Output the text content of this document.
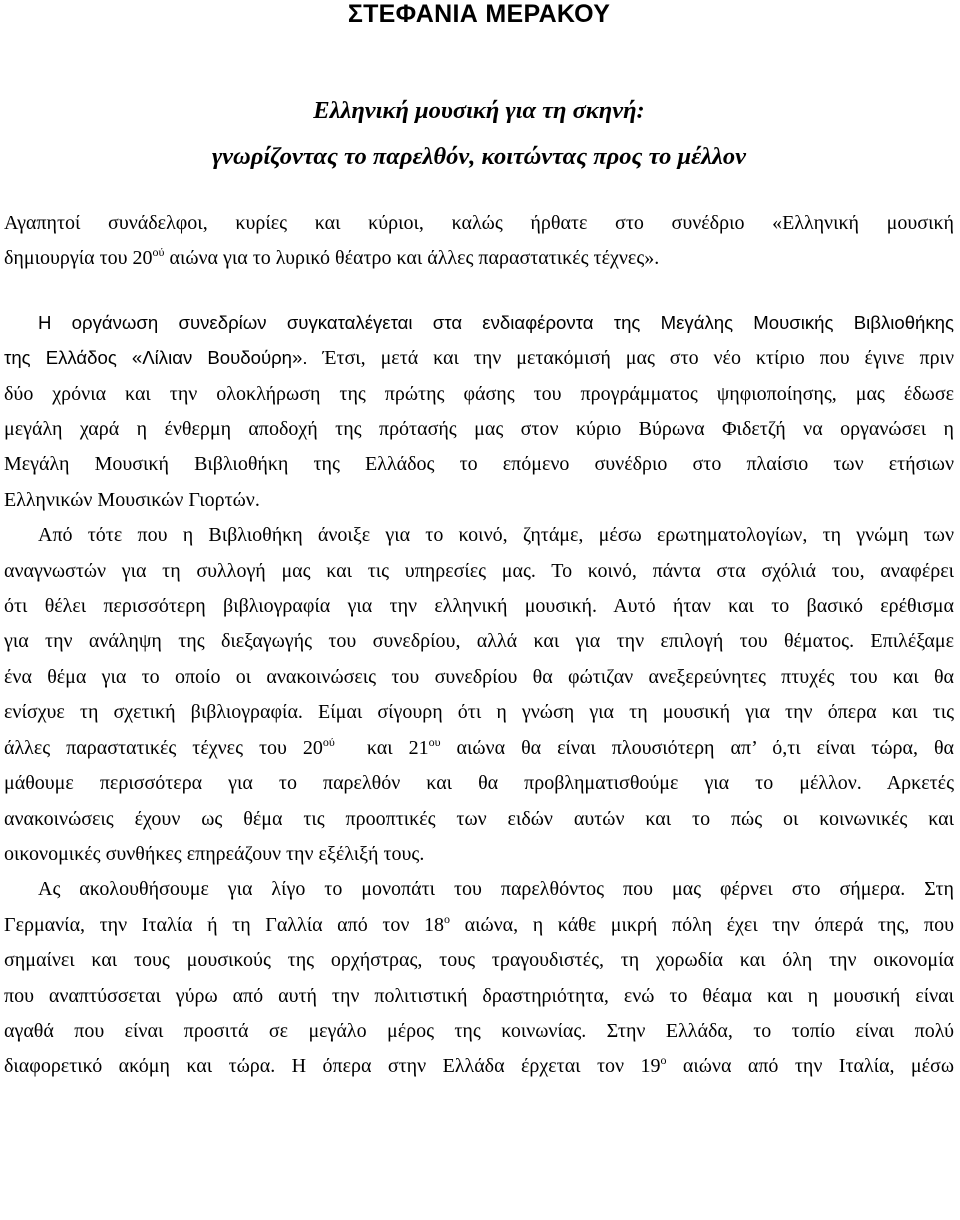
ΣΤΕΦΑΝΙΑ ΜΕΡΑΚΟΥ
Ελληνική μουσική για τη σκηνή:
γνωρίζοντας το παρελθόν, κοιτώντας προς το μέλλον

Αγαπητοί συνάδελφοι, κυρίες και κύριοι, καλώς ήρθατε στο συνέδριο «Ελληνική μουσική
δημιουργία του $20^{oύ}$ αιώνα για το λυρικό θέατρο και άλλες παραστατικές τέχνες».

Η οργάνωση συνεδρίων συγκαταλέγεται στα ενδιαφέροντα της Μεγάλης Μουσικής Βιβλιοθήκης
της Ελλάδος «Λίλιαν Βουδούρη». Έτσι, μετά και την μετακόμισή μας στο νέο κτίριο που έγινε πριν
δύο χρόνια και την ολοκλήρωση της πρώτης φάσης του προγράμματος ψηφιοποίησης, μας έδωσε
μεγάλη χαρά η ένθερμη αποδοχή της πρότασής μας στον κύριο Βύρωνα Φιδετζή να οργανώσει η
Μεγάλη Μουσική Βιβλιοθήκη της Ελλάδος το επόμενο συνέδριο στο πλαίσιο των ετήσιων
Ελληνικών Μουσικών Γιορτών.

Από τότε που η Βιβλιοθήκη άνοιξε για το κοινό, ζητάμε, μέσω ερωτηματολογίων, τη γνώμη των
αναγνωστών για τη συλλογή μας και τις υπηρεσίες μας. Το κοινό, πάντα στα σχόλιά του, αναφέρει
ότι θέλει περισσότερη βιβλιογραφία για την ελληνική μουσική. Αυτό ήταν και το βασικό ερέθισμα
για την ανάληψη της διεξαγωγής του συνεδρίου, αλλά και για την επιλογή του θέματος. Επιλέξαμε
ένα θέμα για το οποίο οι ανακοινώσεις του συνεδρίου θα φώτιζαν ανεξερεύνητες πτυχές του και θα
ενίσχυε τη σχετική βιβλιογραφία. Είμαι σίγουρη ότι η γνώση για τη μουσική για την όπερα και τις
άλλες παραστατικές τέχνες του $20^{oύ}$  και $21^{o\upsilon}$ αιώνα θα είναι πλουσιότερη απ’ ό,τι είναι τώρα, θα
μάθουμε περισσότερα για το παρελθόν και θα προβληματισθούμε για το μέλλον. Αρκετές
ανακοινώσεις έχουν ως θέμα τις προοπτικές των ειδών αυτών και το πώς οι κοινωνικές και
οικονομικές συνθήκες επηρεάζουν την εξέλιξή τους.

Ας ακολουθήσουμε για λίγο το μονοπάτι του παρελθόντος που μας φέρνει στο σήμερα. Στη
Γερμανία, την Ιταλία ή τη Γαλλία από τον $18^o$ αιώνα, η κάθε μικρή πόλη έχει την όπερά της, που
σημαίνει και τους μουσικούς της ορχήστρας, τους τραγουδιστές, τη χορωδία και όλη την οικονομία
που αναπτύσσεται γύρω από αυτή την πολιτιστική δραστηριότητα, ενώ το θέαμα και η μουσική είναι
αγαθά που είναι προσιτά σε μεγάλο μέρος της κοινωνίας. Στην Ελλάδα, το τοπίο είναι πολύ
διαφορετικό ακόμη και τώρα. Η όπερα στην Ελλάδα έρχεται τον $19^o$ αιώνα από την Ιταλία, μέσω
